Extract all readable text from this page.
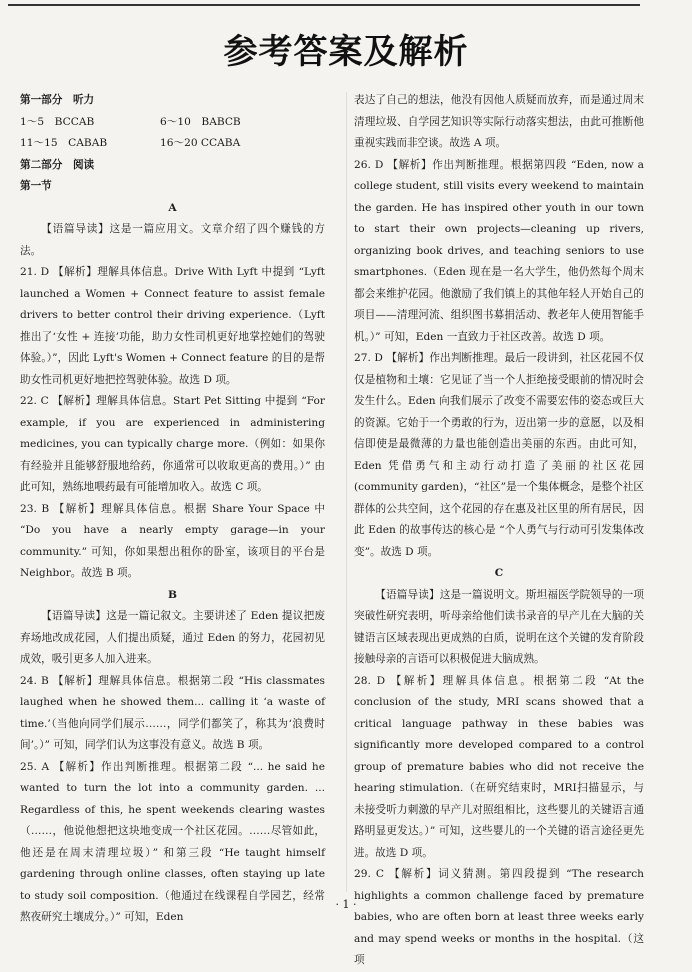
参考答案及解析

第一部分　听力

1～5　BCCAB	6～10　BABCB

11～15　CABAB	16～20 CCABA

第二部分　阅读

第一节

A

【语篇导读】这是一篇应用文。文章介绍了四个赚钱的方法。

21. D 【解析】理解具体信息。Drive With Lyft 中提到 “Lyft launched a Women + Connect feature to assist female drivers to better control their driving experience.（Lyft推出了‘女性 + 连接’功能，助力女性司机更好地掌控她们的驾驶体验。）”，因此 Lyft's Women + Connect feature 的目的是帮助女性司机更好地把控驾驶体验。故选 D 项。

22. C 【解析】理解具体信息。Start Pet Sitting 中提到 “For example, if you are experienced in administering medicines, you can typically charge more.（例如：如果你有经验并且能够舒服地给药，你通常可以收取更高的费用。）” 由此可知，熟练地喂药最有可能增加收入。故选 C 项。

23. B 【解析】理解具体信息。根据 Share Your Space 中 “Do you have a nearly empty garage—in your community.” 可知，你如果想出租你的卧室，该项目的平台是 Neighbor。故选 B 项。

B

【语篇导读】这是一篇记叙文。主要讲述了 Eden 提议把废弃场地改成花园，人们提出质疑，通过 Eden 的努力，花园初见成效，吸引更多人加入进来。

24. B 【解析】理解具体信息。根据第二段 “His classmates laughed when he showed them... calling it ‘a waste of time.’（当他向同学们展示……，同学们都笑了，称其为‘浪费时间’。）” 可知，同学们认为这事没有意义。故选 B 项。

25. A 【解析】作出判断推理。根据第二段 “... he said he wanted to turn the lot into a community garden. ... Regardless of this, he spent weekends clearing wastes（……，他说他想把这块地变成一个社区花园。……尽管如此，他还是在周末清理垃圾）” 和第三段 “He taught himself gardening through online classes, often staying up late to study soil composition.（他通过在线课程自学园艺，经常熬夜研究土壤成分。）” 可知，Eden

表达了自己的想法，他没有因他人质疑而放弃，而是通过周末清理垃圾、自学园艺知识等实际行动落实想法，由此可推断他重视实践而非空谈。故选 A 项。

26. D 【解析】作出判断推理。根据第四段 “Eden, now a college student, still visits every weekend to maintain the garden. He has inspired other youth in our town to start their own projects—cleaning up rivers, organizing book drives, and teaching seniors to use smartphones.（Eden 现在是一名大学生，他仍然每个周末都会来维护花园。他激励了我们镇上的其他年轻人开始自己的项目——清理河流、组织图书募捐活动、教老年人使用智能手机。）” 可知，Eden 一直致力于社区改善。故选 D 项。

27. D 【解析】作出判断推理。最后一段讲到，社区花园不仅仅是植物和土壤：它见证了当一个人拒绝接受眼前的情况时会发生什么。Eden 向我们展示了改变不需要宏伟的姿态或巨大的资源。它始于一个勇敢的行为，迈出第一步的意愿，以及相信即使是最微薄的力量也能创造出美丽的东西。由此可知，Eden 凭借勇气和主动行动打造了美丽的社区花园(community garden)，“社区”是一个集体概念，是整个社区群体的公共空间，这个花园的存在惠及社区里的所有居民，因此 Eden 的故事传达的核心是 “个人勇气与行动可引发集体改变”。故选 D 项。

C

【语篇导读】这是一篇说明文。斯坦福医学院领导的一项突破性研究表明，听母亲给他们读书录音的早产儿在大脑的关键语言区域表现出更成熟的白质，说明在这个关键的发育阶段接触母亲的言语可以积极促进大脑成熟。

28. D 【解析】理解具体信息。根据第二段 “At the conclusion of the study, MRI scans showed that a critical language pathway in these babies was significantly more developed compared to a control group of premature babies who did not receive the hearing stimulation.（在研究结束时，MRI扫描显示，与未接受听力刺激的早产儿对照组相比，这些婴儿的关键语言通路明显更发达。）” 可知，这些婴儿的一个关键的语言途径更先进。故选 D 项。

29. C 【解析】词义猜测。第四段提到 “The research highlights a common challenge faced by premature babies, who are often born at least three weeks early and may spend weeks or months in the hospital.（这项

· 1 ·
